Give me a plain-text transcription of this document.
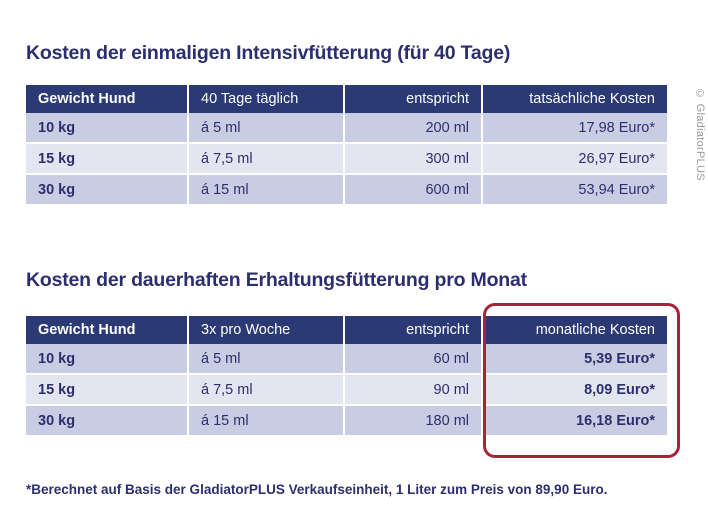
Kosten der einmaligen Intensivfütterung (für 40 Tage)
Gewicht Hund	40 Tage täglich	entspricht	tatsächliche Kosten
10 kg	á 5 ml	200 ml	17,98 Euro*
15 kg	á 7,5 ml	300 ml	26,97 Euro*
30 kg	á 15 ml	600 ml	53,94 Euro*
Kosten der dauerhaften Erhaltungsfütterung pro Monat
Gewicht Hund	3x pro Woche	entspricht	monatliche Kosten
10 kg	á 5 ml	60 ml	5,39 Euro*
15 kg	á 7,5 ml	90 ml	8,09 Euro*
30 kg	á 15 ml	180 ml	16,18 Euro*
*Berechnet auf Basis der GladiatorPLUS Verkaufseinheit, 1 Liter zum Preis von 89,90 Euro.
© GladiatorPLUS
